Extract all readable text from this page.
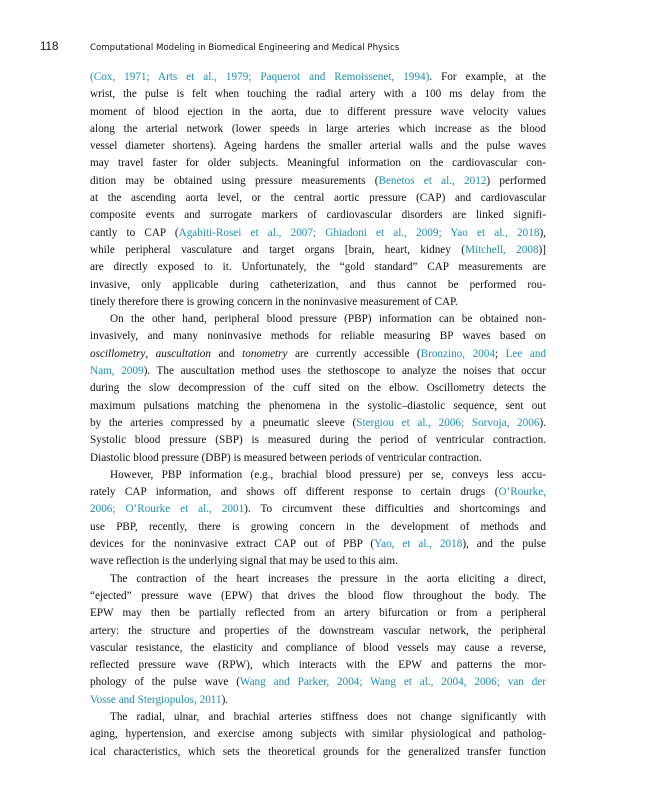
118	Computational Modeling in Biomedical Engineering and Medical Physics
(Cox, 1971; Arts et al., 1979; Paquerot and Remoissenet, 1994). For example, at the
wrist, the pulse is felt when touching the radial artery with a 100 ms delay from the
moment of blood ejection in the aorta, due to different pressure wave velocity values
along the arterial network (lower speeds in large arteries which increase as the blood
vessel diameter shortens). Ageing hardens the smaller arterial walls and the pulse waves
may travel faster for older subjects. Meaningful information on the cardiovascular con-
dition may be obtained using pressure measurements (Benetos et al., 2012) performed
at the ascending aorta level, or the central aortic pressure (CAP) and cardiovascular
composite events and surrogate markers of cardiovascular disorders are linked signifi-
cantly to CAP (Agabiti-Rosei et al., 2007; Ghiadoni et al., 2009; Yao et al., 2018),
while peripheral vasculature and target organs [brain, heart, kidney (Mitchell, 2008)]
are directly exposed to it. Unfortunately, the “gold standard” CAP measurements are
invasive, only applicable during catheterization, and thus cannot be performed rou-
tinely therefore there is growing concern in the noninvasive measurement of CAP.
On the other hand, peripheral blood pressure (PBP) information can be obtained non-
invasively, and many noninvasive methods for reliable measuring BP waves based on
oscillometry, auscultation and tonometry are currently accessible (Bronzino, 2004; Lee and
Nam, 2009). The auscultation method uses the stethoscope to analyze the noises that occur
during the slow decompression of the cuff sited on the elbow. Oscillometry detects the
maximum pulsations matching the phenomena in the systolic–diastolic sequence, sent out
by the arteries compressed by a pneumatic sleeve (Stergiou et al., 2006; Sorvoja, 2006).
Systolic blood pressure (SBP) is measured during the period of ventricular contraction.
Diastolic blood pressure (DBP) is measured between periods of ventricular contraction.
However, PBP information (e.g., brachial blood pressure) per se, conveys less accu-
rately CAP information, and shows off different response to certain drugs (O’Rourke,
2006; O’Rourke et al., 2001). To circumvent these difficulties and shortcomings and
use PBP, recently, there is growing concern in the development of methods and
devices for the noninvasive extract CAP out of PBP (Yao, et al., 2018), and the pulse
wave reflection is the underlying signal that may be used to this aim.
The contraction of the heart increases the pressure in the aorta eliciting a direct,
“ejected” pressure wave (EPW) that drives the blood flow throughout the body. The
EPW may then be partially reflected from an artery bifurcation or from a peripheral
artery: the structure and properties of the downstream vascular network, the peripheral
vascular resistance, the elasticity and compliance of blood vessels may cause a reverse,
reflected pressure wave (RPW), which interacts with the EPW and patterns the mor-
phology of the pulse wave (Wang and Parker, 2004; Wang et al., 2004, 2006; van der
Vosse and Stergiopulos, 2011).
The radial, ulnar, and brachial arteries stiffness does not change significantly with
aging, hypertension, and exercise among subjects with similar physiological and patholog-
ical characteristics, which sets the theoretical grounds for the generalized transfer function
